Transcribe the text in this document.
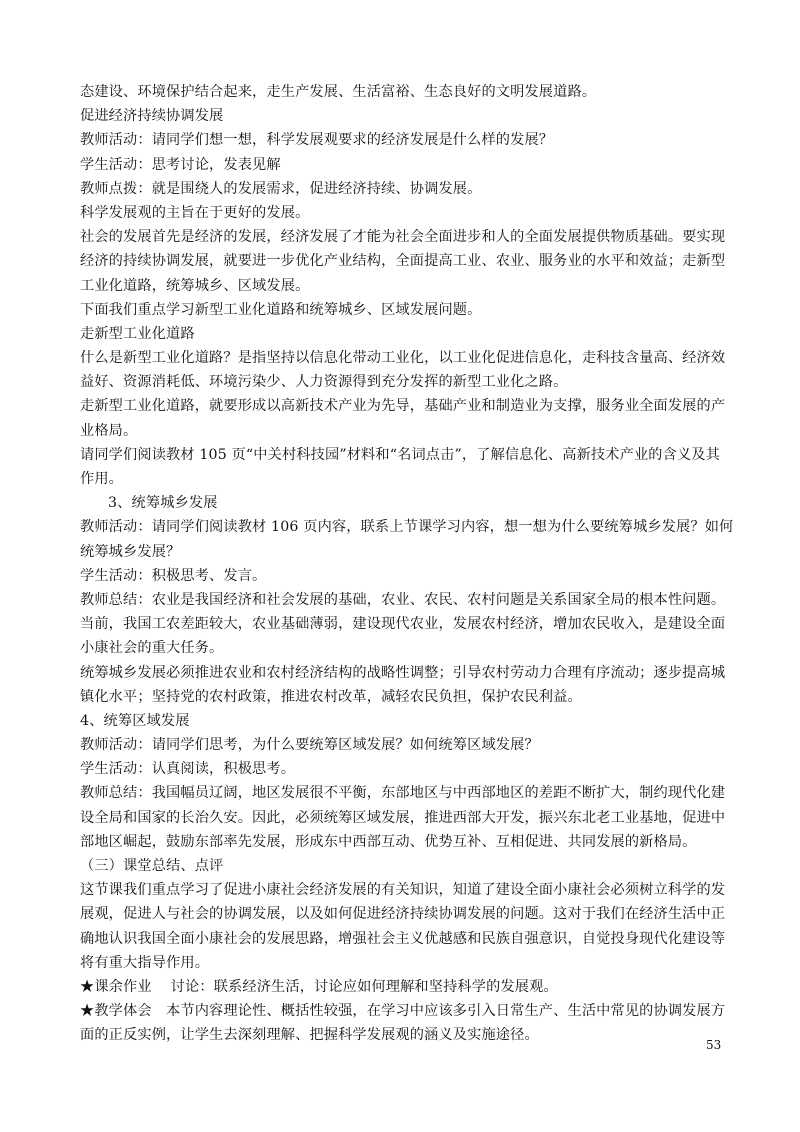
态建设、环境保护结合起来，走生产发展、生活富裕、生态良好的文明发展道路。
促进经济持续协调发展
教师活动：请同学们想一想，科学发展观要求的经济发展是什么样的发展？
学生活动：思考讨论，发表见解
教师点拨：就是围绕人的发展需求，促进经济持续、协调发展。
科学发展观的主旨在于更好的发展。
社会的发展首先是经济的发展，经济发展了才能为社会全面进步和人的全面发展提供物质基础。要实现
经济的持续协调发展，就要进一步优化产业结构，全面提高工业、农业、服务业的水平和效益；走新型
工业化道路，统筹城乡、区域发展。
下面我们重点学习新型工业化道路和统筹城乡、区域发展问题。
走新型工业化道路
什么是新型工业化道路？是指坚持以信息化带动工业化，以工业化促进信息化，走科技含量高、经济效
益好、资源消耗低、环境污染少、人力资源得到充分发挥的新型工业化之路。
走新型工业化道路，就要形成以高新技术产业为先导，基础产业和制造业为支撑，服务业全面发展的产
业格局。
请同学们阅读教材 105 页“中关村科技园”材料和“名词点击”，了解信息化、高新技术产业的含义及其
作用。
3、统筹城乡发展
教师活动：请同学们阅读教材 106 页内容，联系上节课学习内容，想一想为什么要统筹城乡发展？如何
统筹城乡发展？
学生活动：积极思考、发言。
教师总结：农业是我国经济和社会发展的基础，农业、农民、农村问题是关系国家全局的根本性问题。
当前，我国工农差距较大，农业基础薄弱，建设现代农业，发展农村经济，增加农民收入，是建设全面
小康社会的重大任务。
统筹城乡发展必须推进农业和农村经济结构的战略性调整；引导农村劳动力合理有序流动；逐步提高城
镇化水平；坚持党的农村政策，推进农村改革，减轻农民负担，保护农民利益。
4、统筹区域发展
教师活动：请同学们思考，为什么要统筹区域发展？如何统筹区域发展？
学生活动：认真阅读，积极思考。
教师总结：我国幅员辽阔，地区发展很不平衡，东部地区与中西部地区的差距不断扩大，制约现代化建
设全局和国家的长治久安。因此，必须统筹区域发展，推进西部大开发，振兴东北老工业基地，促进中
部地区崛起，鼓励东部率先发展，形成东中西部互动、优势互补、互相促进、共同发展的新格局。
（三）课堂总结、点评
这节课我们重点学习了促进小康社会经济发展的有关知识，知道了建设全面小康社会必须树立科学的发
展观，促进人与社会的协调发展，以及如何促进经济持续协调发展的问题。这对于我们在经济生活中正
确地认识我国全面小康社会的发展思路，增强社会主义优越感和民族自强意识，自觉投身现代化建设等
将有重大指导作用。
★课余作业　 讨论：联系经济生活，讨论应如何理解和坚持科学的发展观。
★教学体会　本节内容理论性、概括性较强，在学习中应该多引入日常生产、生活中常见的协调发展方
面的正反实例，让学生去深刻理解、把握科学发展观的涵义及实施途径。
53
